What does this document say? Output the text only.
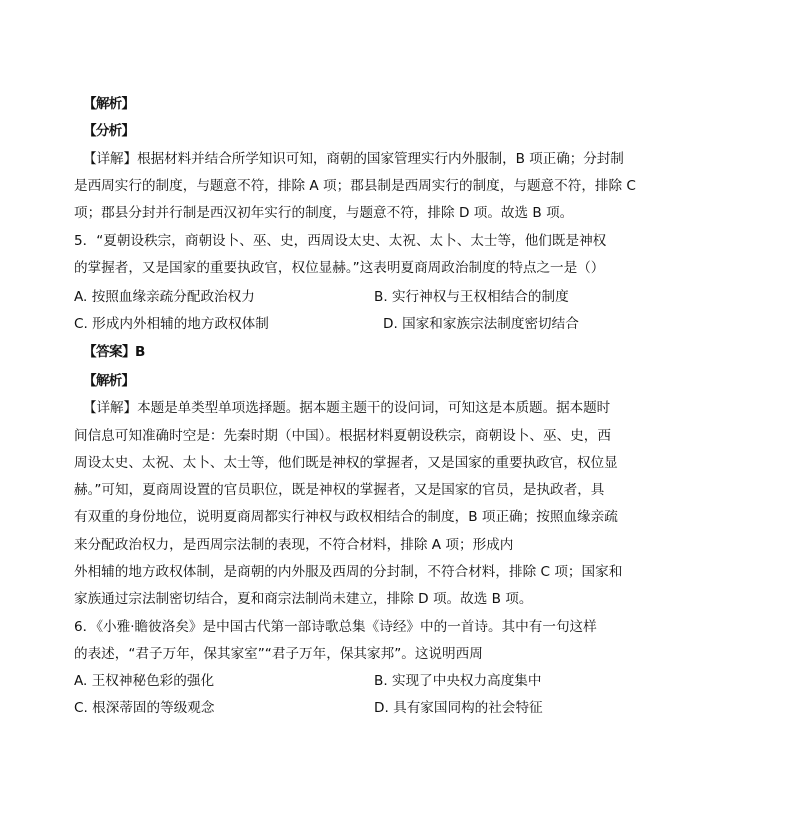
【解析】
【分析】
【详解】根据材料并结合所学知识可知，商朝的国家管理实行内外服制，B 项正确；分封制
是西周实行的制度，与题意不符，排除 A 项；郡县制是西周实行的制度，与题意不符，排除 C
项；郡县分封并行制是西汉初年实行的制度，与题意不符，排除 D 项。故选 B 项。
5．“夏朝设秩宗，商朝设卜、巫、史，西周设太史、太祝、太卜、太士等，他们既是神权
的掌握者，又是国家的重要执政官，权位显赫。”这表明夏商周政治制度的特点之一是（）
A. 按照血缘亲疏分配政治权力	B. 实行神权与王权相结合的制度
C. 形成内外相辅的地方政权体制	D. 国家和家族宗法制度密切结合
【答案】B
【解析】
【详解】本题是单类型单项选择题。据本题主题干的设问词，可知这是本质题。据本题时
间信息可知准确时空是：先秦时期（中国）。根据材料夏朝设秩宗，商朝设卜、巫、史，西
周设太史、太祝、太卜、太士等，他们既是神权的掌握者，又是国家的重要执政官，权位显
赫。”可知，夏商周设置的官员职位，既是神权的掌握者，又是国家的官员，是执政者，具
有双重的身份地位，说明夏商周都实行神权与政权相结合的制度，B 项正确；按照血缘亲疏
来分配政治权力，是西周宗法制的表现，不符合材料，排除 A 项；形成内
外相辅的地方政权体制，是商朝的内外服及西周的分封制，不符合材料，排除 C 项；国家和
家族通过宗法制密切结合，夏和商宗法制尚未建立，排除 D 项。故选 B 项。
6．《小雅·瞻彼洛矣》是中国古代第一部诗歌总集《诗经》中的一首诗。其中有一句这样
的表述，“君子万年，保其家室”“君子万年，保其家邦”。这说明西周
A. 王权神秘色彩的强化	B. 实现了中央权力高度集中
C. 根深蒂固的等级观念	D. 具有家国同构的社会特征
